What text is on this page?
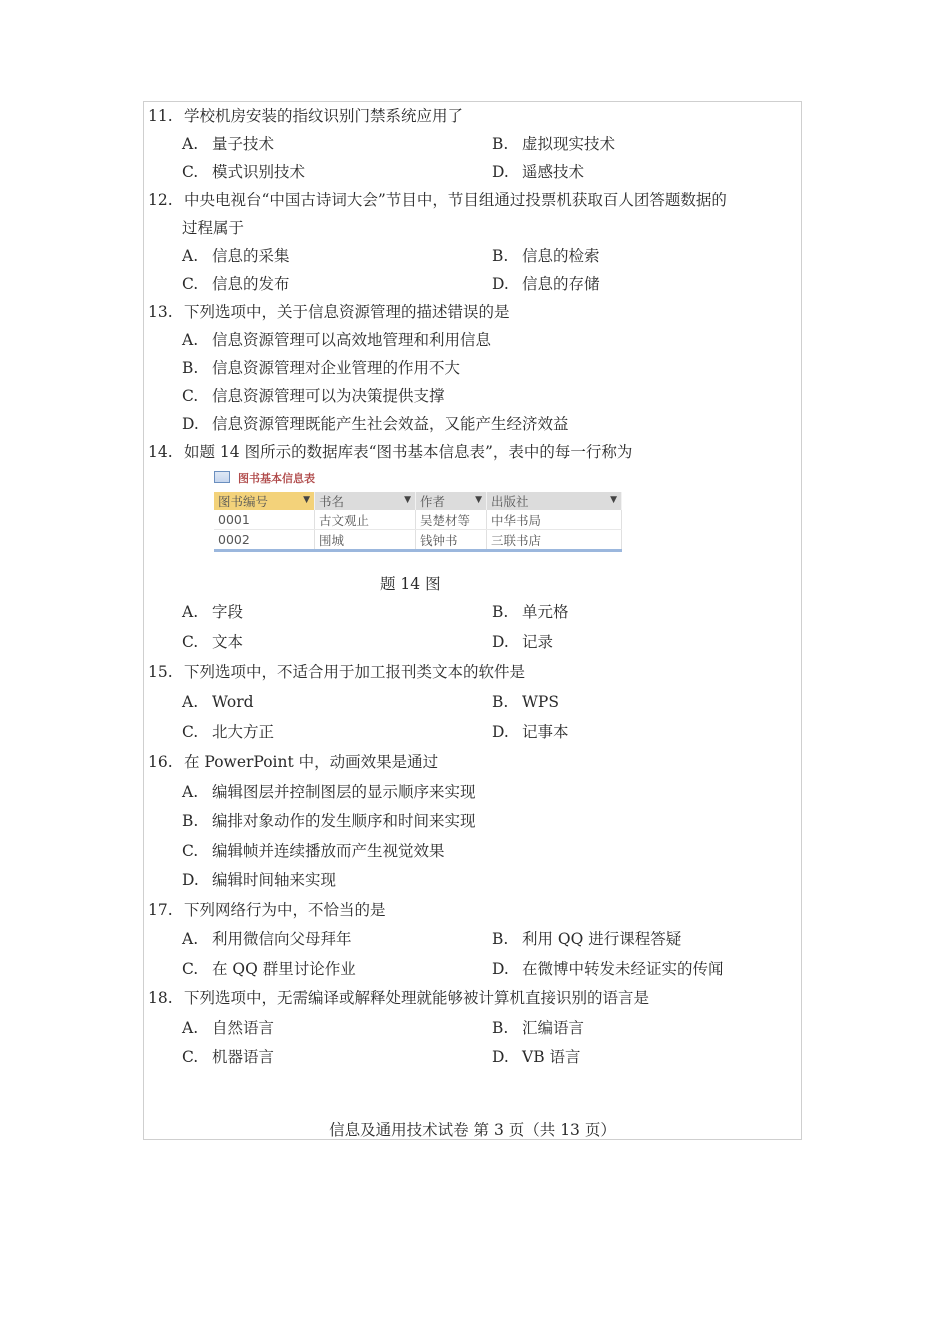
11. 学校机房安装的指纹识别门禁系统应用了
A. 量子技术	B. 虚拟现实技术
C. 模式识别技术	D. 遥感技术
12. 中央电视台“中国古诗词大会”节目中，节目组通过投票机获取百人团答题数据的
过程属于
A. 信息的采集	B. 信息的检索
C. 信息的发布	D. 信息的存储
13. 下列选项中，关于信息资源管理的描述错误的是
A. 信息资源管理可以高效地管理和利用信息
B. 信息资源管理对企业管理的作用不大
C. 信息资源管理可以为决策提供支撑
D. 信息资源管理既能产生社会效益，又能产生经济效益
14. 如题 14 图所示的数据库表“图书基本信息表”，表中的每一行称为
图书基本信息表
图书编号 ▼	书名 ▼	作者 ▼	出版社 ▼

0001	古文观止	吴楚材等	中华书局
0002	围城	钱钟书	三联书店
题 14 图
A. 字段	B. 单元格
C. 文本	D. 记录
15. 下列选项中，不适合用于加工报刊类文本的软件是
A. Word	B. WPS
C. 北大方正	D. 记事本
16. 在 PowerPoint 中，动画效果是通过
A. 编辑图层并控制图层的显示顺序来实现
B. 编排对象动作的发生顺序和时间来实现
C. 编辑帧并连续播放而产生视觉效果
D. 编辑时间轴来实现
17. 下列网络行为中，不恰当的是
A. 利用微信向父母拜年	B. 利用 QQ 进行课程答疑
C. 在 QQ 群里讨论作业	D. 在微博中转发未经证实的传闻
18. 下列选项中，无需编译或解释处理就能够被计算机直接识别的语言是
A. 自然语言	B. 汇编语言
C. 机器语言	D. VB 语言
信息及通用技术试卷 第 3 页（共 13 页）
